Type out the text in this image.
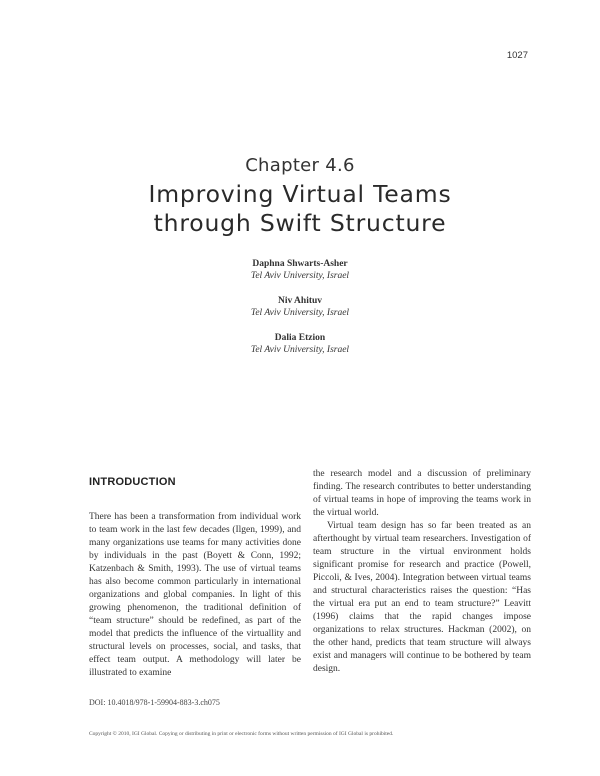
1027
Chapter 4.6
Improving Virtual Teams
through Swift Structure
Daphna Shwarts-Asher
Tel Aviv University, Israel
Niv Ahituv
Tel Aviv University, Israel
Dalia Etzion
Tel Aviv University, Israel
INTRODUCTION

There has been a transformation from individual work to team work in the last few decades (Ilgen, 1999), and many organizations use teams for many activities done by individuals in the past (Boyett & Conn, 1992; Katzenbach & Smith, 1993). The use of virtual teams has also become common particularly in international organizations and global companies. In light of this growing phenomenon, the traditional definition of “team structure” should be redefined, as part of the model that predicts the influence of the virtuallity and structural levels on processes, social, and tasks, that effect team output. A methodology will later be illustrated to examine

the research model and a discussion of preliminary finding. The research contributes to better understanding of virtual teams in hope of improving the teams work in the virtual world.

Virtual team design has so far been treated as an afterthought by virtual team researchers. Investigation of team structure in the virtual environment holds significant promise for research and practice (Powell, Piccoli, & Ives, 2004). Integration between virtual teams and structural characteristics raises the question: “Has the virtual era put an end to team structure?” Leavitt (1996) claims that the rapid changes impose organizations to relax structures. Hackman (2002), on the other hand, predicts that team structure will always exist and managers will continue to be bothered by team design.

DOI: 10.4018/978-1-59904-883-3.ch075
Copyright © 2010, IGI Global. Copying or distributing in print or electronic forms without written permission of IGI Global is prohibited.
